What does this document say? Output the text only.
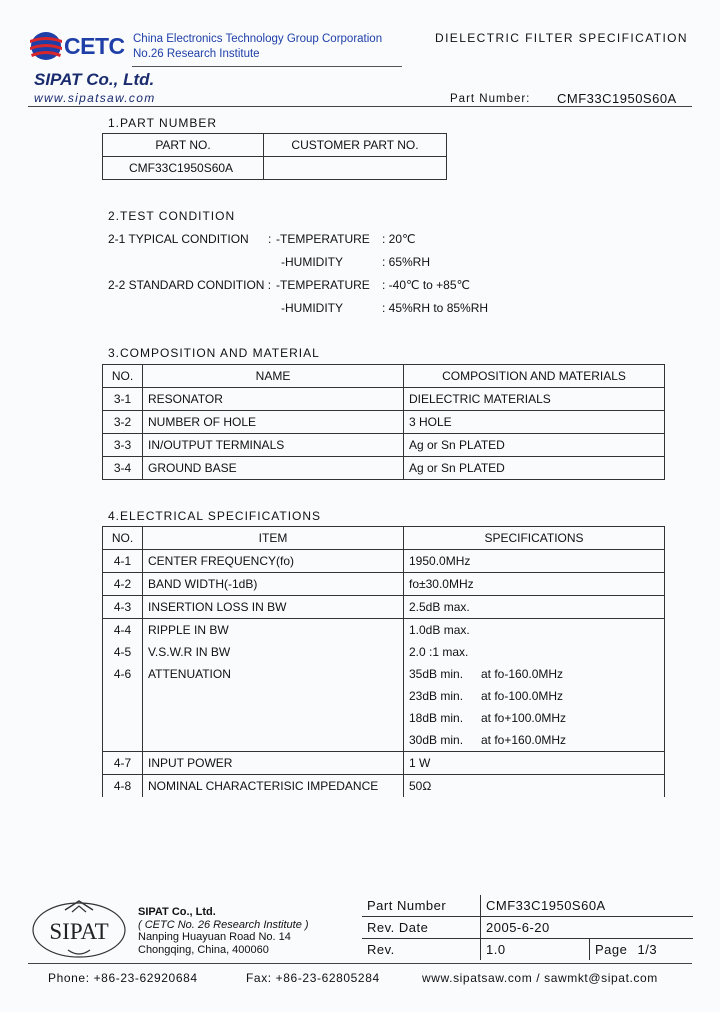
CETC China Electronics Technology Group Corporation
No.26 Research Institute
DIELECTRIC FILTER SPECIFICATION
SIPAT Co., Ltd.
www.sipatsaw.com	Part Number: CMF33C1950S60A
1.PART NUMBER
PART NO.	CUSTOMER PART NO.
CMF33C1950S60A	
2.TEST CONDITION
2-1 TYPICAL CONDITION : -TEMPERATURE : 20℃
-HUMIDITY	: 65%RH
2-2 STANDARD CONDITION : -TEMPERATURE : -40℃ to +85℃
-HUMIDITY	: 45%RH to 85%RH
3.COMPOSITION AND MATERIAL
NO.	NAME	COMPOSITION AND MATERIALS
3-1	RESONATOR	DIELECTRIC MATERIALS
3-2	NUMBER OF HOLE	3 HOLE
3-3	IN/OUTPUT TERMINALS	Ag or Sn PLATED
3-4	GROUND BASE	Ag or Sn PLATED
4.ELECTRICAL SPECIFICATIONS
NO.	ITEM	SPECIFICATIONS	
4-1	CENTER FREQUENCY(fo)	1950.0MHz	
4-2	BAND WIDTH(-1dB)	fo±30.0MHz	
4-3	INSERTION LOSS IN BW	2.5dB max.	
4-4	RIPPLE IN BW	1.0dB max.	
4-5	V.S.W.R IN BW	2.0 :1 max.	
4-6	ATTENUATION	35dB min.	at fo-160.0MHz
		23dB min.	at fo-100.0MHz
		18dB min.	at fo+100.0MHz
		30dB min.	at fo+160.0MHz
4-7	INPUT POWER	1 W	
4-8	NOMINAL CHARACTERISIC IMPEDANCE	50Ω	
SIPAT
SIPAT Co., Ltd.
( CETC No. 26 Research Institute )
Nanping Huayuan Road No. 14
Chongqing, China, 400060
Part Number	CMF33C1950S60A	
Rev. Date	2005-6-20	
Rev.	1.0	Page 1/3
Phone: +86-23-62920684	Fax: +86-23-62805284	www.sipatsaw.com / sawmkt@sipat.com
